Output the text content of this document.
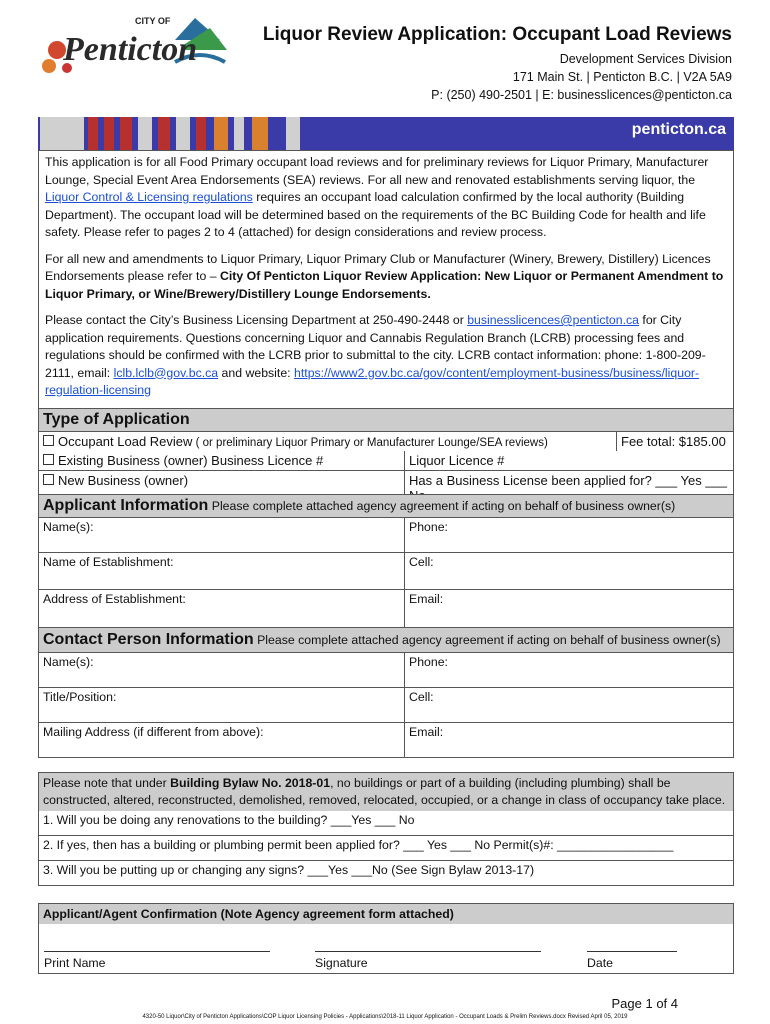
CITY OF
Penticton	Liquor Review Application: Occupant Load Reviews
Development Services Division
171 Main St. | Penticton B.C. | V2A 5A9
P: (250) 490-2501 | E: businesslicences@penticton.ca
penticton.ca

This application is for all Food Primary occupant load reviews and for preliminary reviews for Liquor Primary, Manufacturer Lounge, Special Event Area Endorsements (SEA) reviews. For all new and renovated establishments serving liquor, the Liquor Control & Licensing regulations requires an occupant load calculation confirmed by the local authority (Building Department). The occupant load will be determined based on the requirements of the BC Building Code for health and life safety. Please refer to pages 2 to 4 (attached) for design considerations and review process.

For all new and amendments to Liquor Primary, Liquor Primary Club or Manufacturer (Winery, Brewery, Distillery) Licences Endorsements please refer to – City Of Penticton Liquor Review Application: New Liquor or Permanent Amendment to Liquor Primary, or Wine/Brewery/Distillery Lounge Endorsements.

Please contact the City’s Business Licensing Department at 250-490-2448 or businesslicences@penticton.ca for City application requirements. Questions concerning Liquor and Cannabis Regulation Branch (LCRB) processing fees and regulations should be confirmed with the LCRB prior to submittal to the city. LCRB contact information: phone: 1-800-209-2111, email: lclb.lclb@gov.bc.ca and website: https://www2.gov.bc.ca/gov/content/employment-business/business/liquor-regulation-licensing

Type of Application
Occupant Load Review ( or preliminary Liquor Primary or Manufacturer Lounge/SEA reviews)	Fee total: $185.00
Existing Business (owner) Business Licence #	Liquor Licence #
New Business (owner)	Has a Business License been applied for? ___ Yes ___
Applicant Information Please complete attached agency agreement if acting on behalf of business owner(s)
Name(s):	Phone:
Name of Establishment:	Cell:
Address of Establishment:	Email:
Contact Person Information Please complete attached agency agreement if acting on behalf of business owner(s)
Name(s):	Phone:
Title/Position:	Cell:
Mailing Address (if different from above):	Email:
Please note that under Building Bylaw No. 2018-01, no buildings or part of a building (including plumbing) shall be constructed, altered, reconstructed, demolished, removed, relocated, occupied, or a change in class of occupancy take place.
1. Will you be doing any renovations to the building? ___Yes ___ No
2. If yes, then has a building or plumbing permit been applied for? ___ Yes ___ No Permit(s)#: _________________
3. Will you be putting up or changing any signs? ___Yes ___No (See Sign Bylaw 2013-17)
Applicant/Agent Confirmation (Note Agency agreement form attached)
Print Name	Signature	Date
Page 1 of 4
4320-50 Liquor\City of Penticton Applications\COP Liquor Licensing Policies - Applications\2018-11 Liquor Application - Occupant Loads & Prelim Reviews.docx Revised April 05, 2019
